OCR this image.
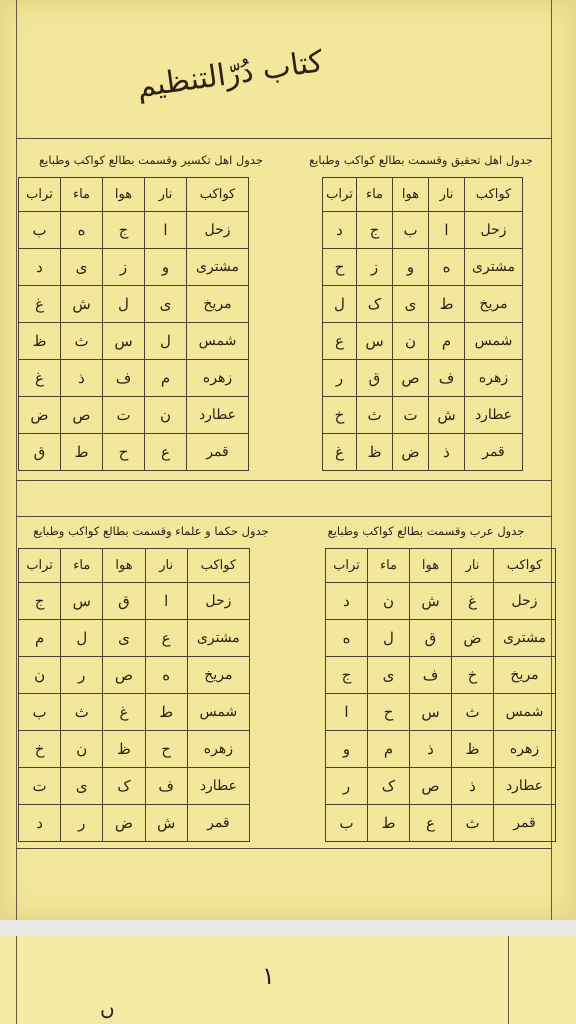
کتاب دُرّالتنظیم
جدول اهل تحقیق وقسمت بطالع کواکب وطبایع
کواکب	نار	هوا	ماء	تراب
زحل	ا	ب	ج	د
مشتری	ه	و	ز	ح
مریخ	ط	ی	ک	ل
شمس	م	ن	س	ع
زهره	ف	ص	ق	ر
عطارد	ش	ت	ث	خ
قمر	ذ	ض	ظ	غ
جدول اهل تکسیر وقسمت بطالع کواکب وطبایع
کواکب	نار	هوا	ماء	تراب
زحل	ا	ج	ه	ب
مشتری	و	ز	ی	د
مریخ	ی	ل	ش	غ
شمس	ل	س	ث	ظ
زهره	م	ف	ذ	غ
عطارد	ن	ت	ص	ض
قمر	ع	ح	ط	ق
جدول عرب وقسمت بطالع کواکب وطبایع
کواکب	نار	هوا	ماء	تراب
زحل	غ	ش	ن	د
مشتری	ض	ق	ل	ه
مریخ	خ	ف	ی	ج
شمس	ث	س	ح	ا
زهره	ظ	ذ	م	و
عطارد	ذ	ص	ک	ر
قمر	ث	ع	ط	ب
جدول حکما و علماء وقسمت بطالع کواکب وطبایع
کواکب	نار	هوا	ماء	تراب
زحل	ا	ق	س	ج
مشتری	ع	ی	ل	م
مریخ	ه	ص	ر	ن
شمس	ط	غ	ث	ب
زهره	ح	ظ	ن	خ
عطارد	ف	ک	ی	ت
قمر	ش	ض	ر	د
۱
ں
